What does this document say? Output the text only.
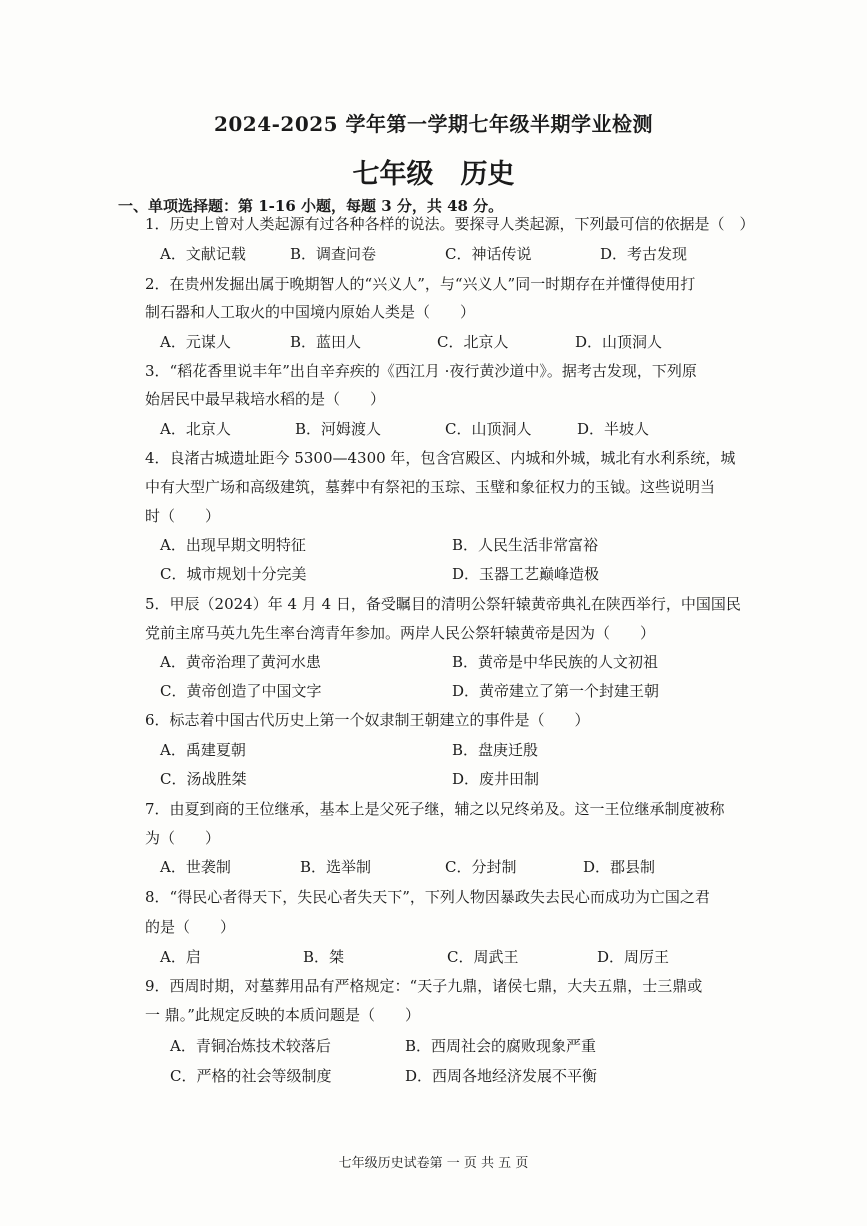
2024-2025 学年第一学期七年级半期学业检测
七年级　历史
一、单项选择题：第 1-16 小题，每题 3 分，共 48 分。
1．历史上曾对人类起源有过各种各样的说法。要探寻人类起源，下列最可信的依据是（　）
A．文献记载	B．调查问卷	C．神话传说	D．考古发现
2．在贵州发掘出属于晚期智人的“兴义人”，与“兴义人”同一时期存在并懂得使用打
制石器和人工取火的中国境内原始人类是（　　）
A．元谋人	B．蓝田人	C．北京人	D．山顶洞人
3．“稻花香里说丰年”出自辛弃疾的《西江月 ·夜行黄沙道中》。据考古发现，下列原
始居民中最早栽培水稻的是（　　）
A．北京人	B．河姆渡人	C．山顶洞人	D．半坡人
4．良渚古城遗址距今 5300—4300 年，包含宫殿区、内城和外城，城北有水利系统，城
中有大型广场和高级建筑，墓葬中有祭祀的玉琮、玉璧和象征权力的玉钺。这些说明当
时（　　）
A．出现早期文明特征	B．人民生活非常富裕
C．城市规划十分完美	D．玉器工艺巅峰造极
5．甲辰（2024）年 4 月 4 日，备受瞩目的清明公祭轩辕黄帝典礼在陕西举行，中国国民
党前主席马英九先生率台湾青年参加。两岸人民公祭轩辕黄帝是因为（　　）
A．黄帝治理了黄河水患	B．黄帝是中华民族的人文初祖
C．黄帝创造了中国文字	D．黄帝建立了第一个封建王朝
6．标志着中国古代历史上第一个奴隶制王朝建立的事件是（　　）
A．禹建夏朝	B．盘庚迁殷
C．汤战胜桀	D．废井田制
7．由夏到商的王位继承，基本上是父死子继，辅之以兄终弟及。这一王位继承制度被称
为（　　）
A．世袭制	B．选举制	C．分封制	D．郡县制
8．“得民心者得天下，失民心者失天下”，下列人物因暴政失去民心而成功为亡国之君
的是（　　）
A．启	B．桀	C．周武王	D．周厉王
9．西周时期，对墓葬用品有严格规定：“天子九鼎，诸侯七鼎，大夫五鼎，士三鼎或
一 鼎。”此规定反映的本质问题是（　　）
A．青铜冶炼技术较落后	B．西周社会的腐败现象严重
C．严格的社会等级制度	D．西周各地经济发展不平衡
七年级历史试卷第 一 页 共 五 页
